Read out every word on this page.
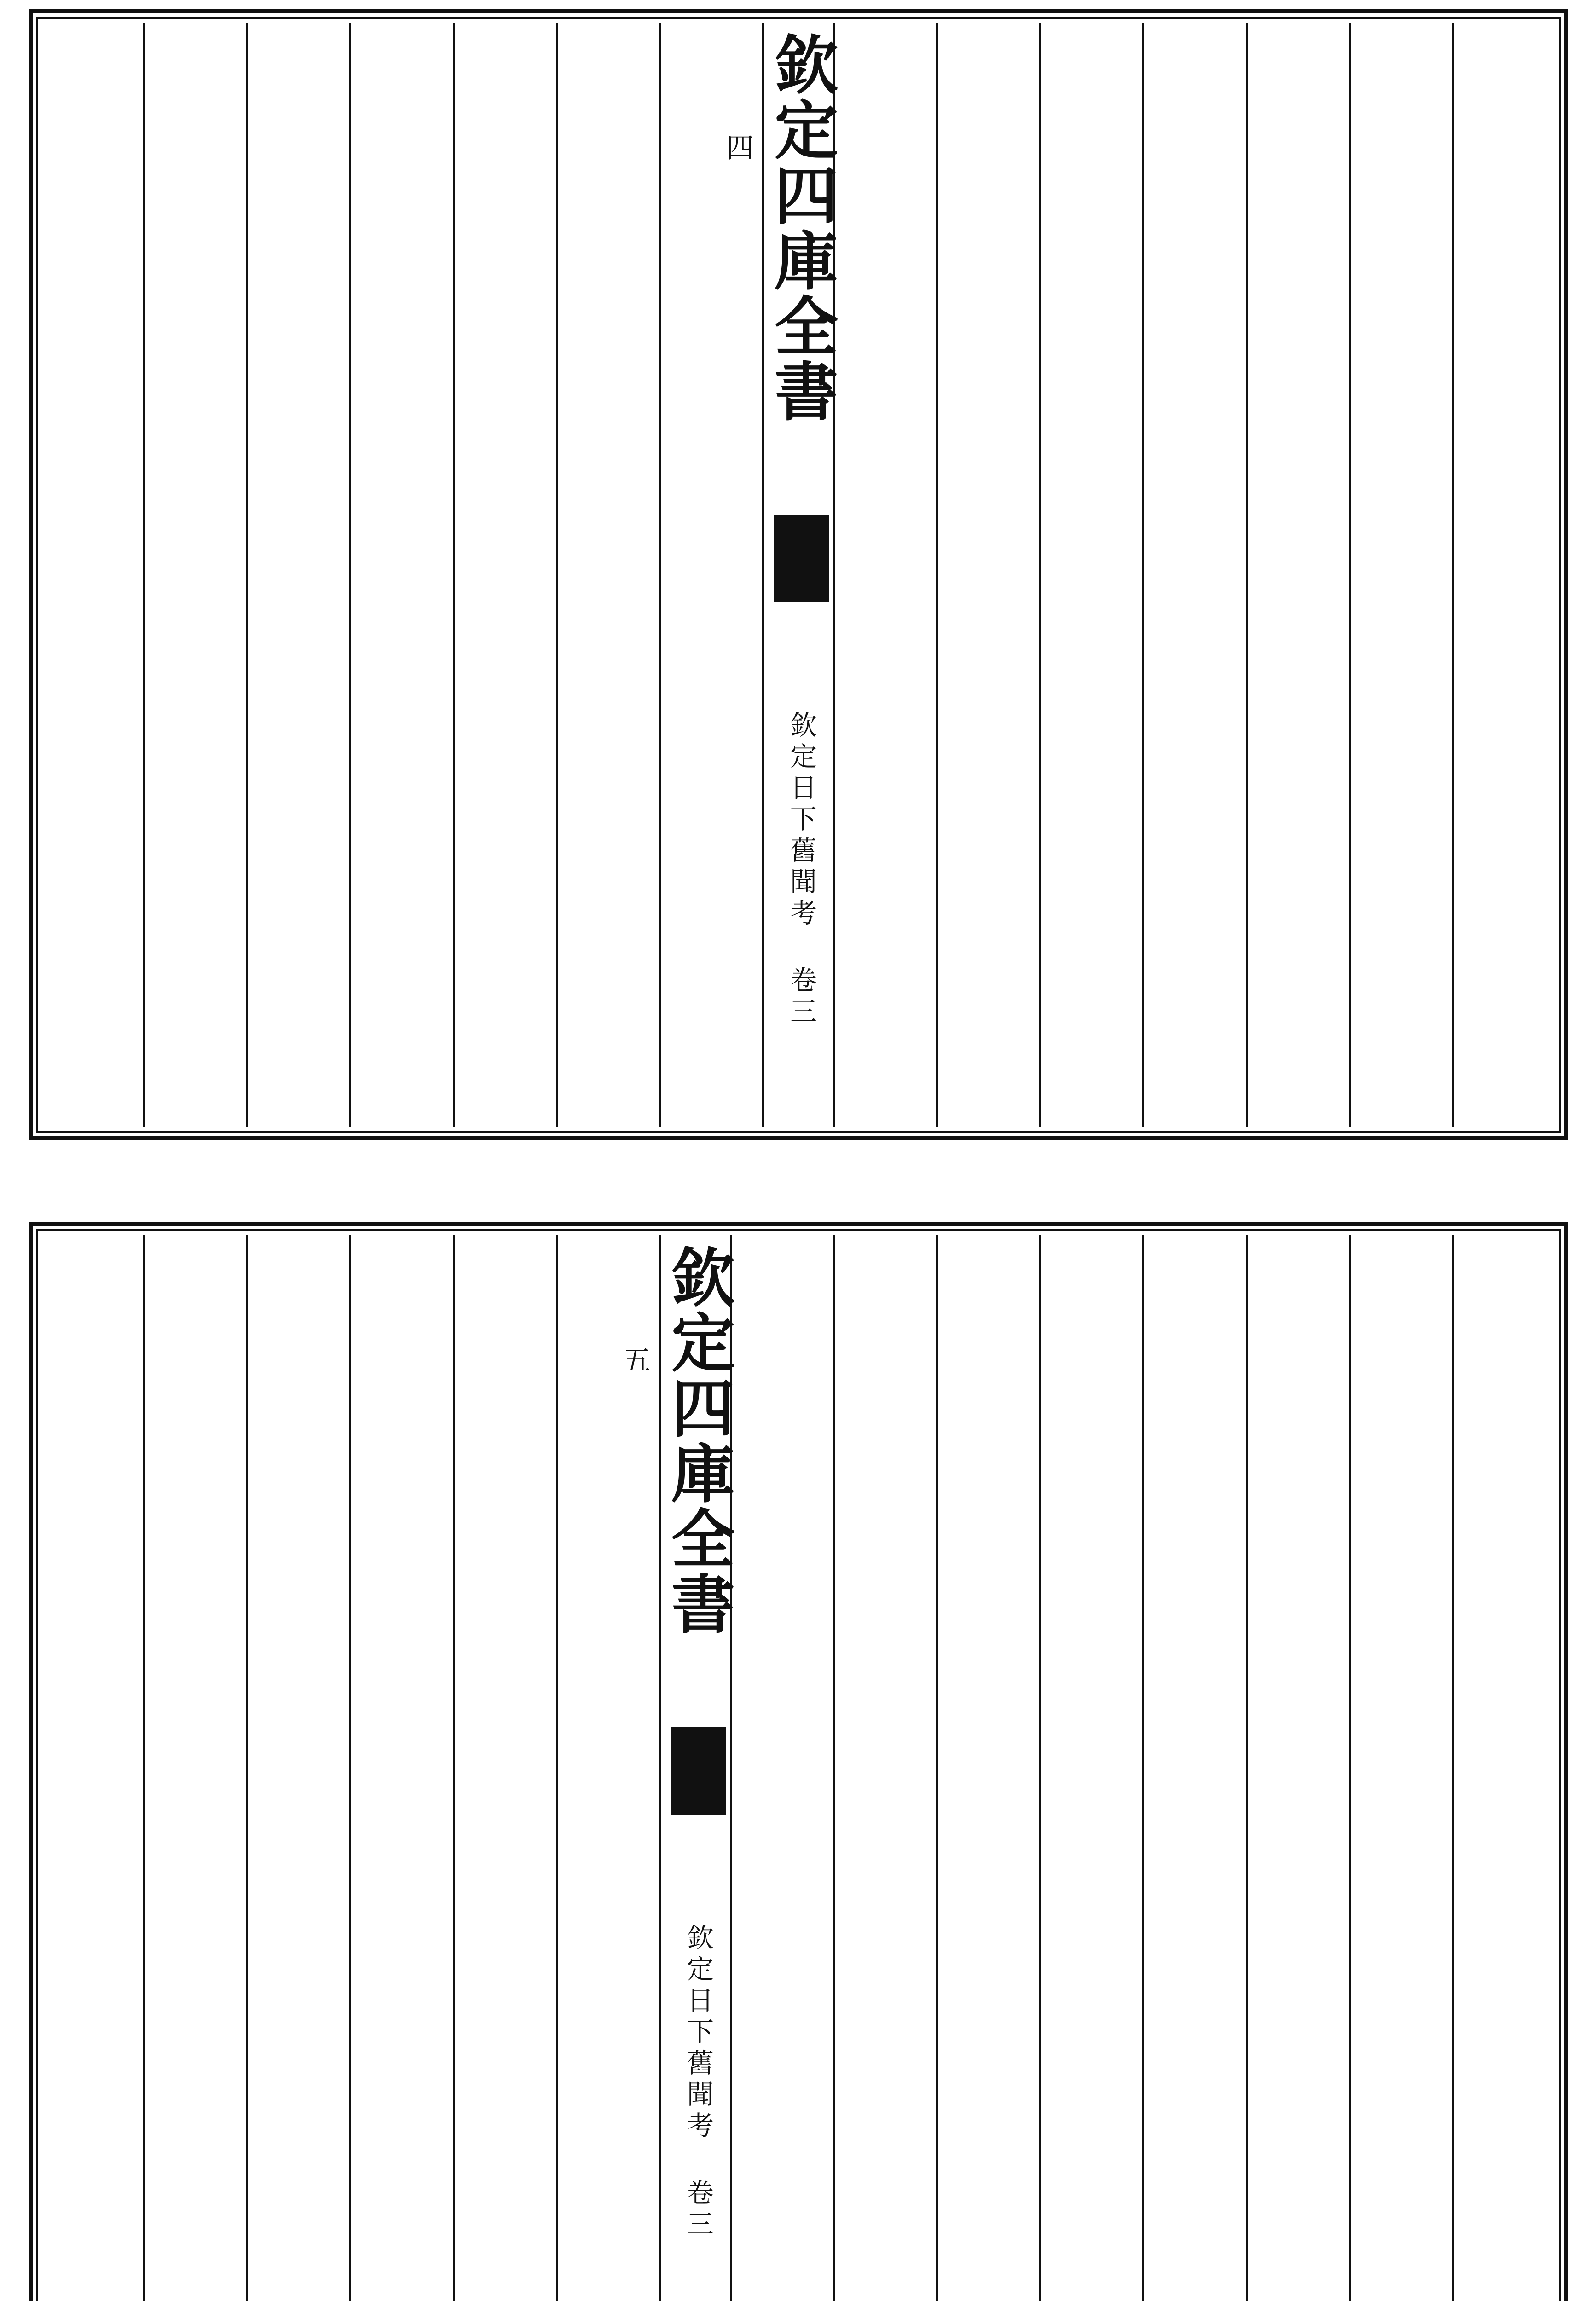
欽定四庫全書  欽定日下舊聞考 卷三 四
欽定四庫全書  欽定日下舊聞考 卷三 五
